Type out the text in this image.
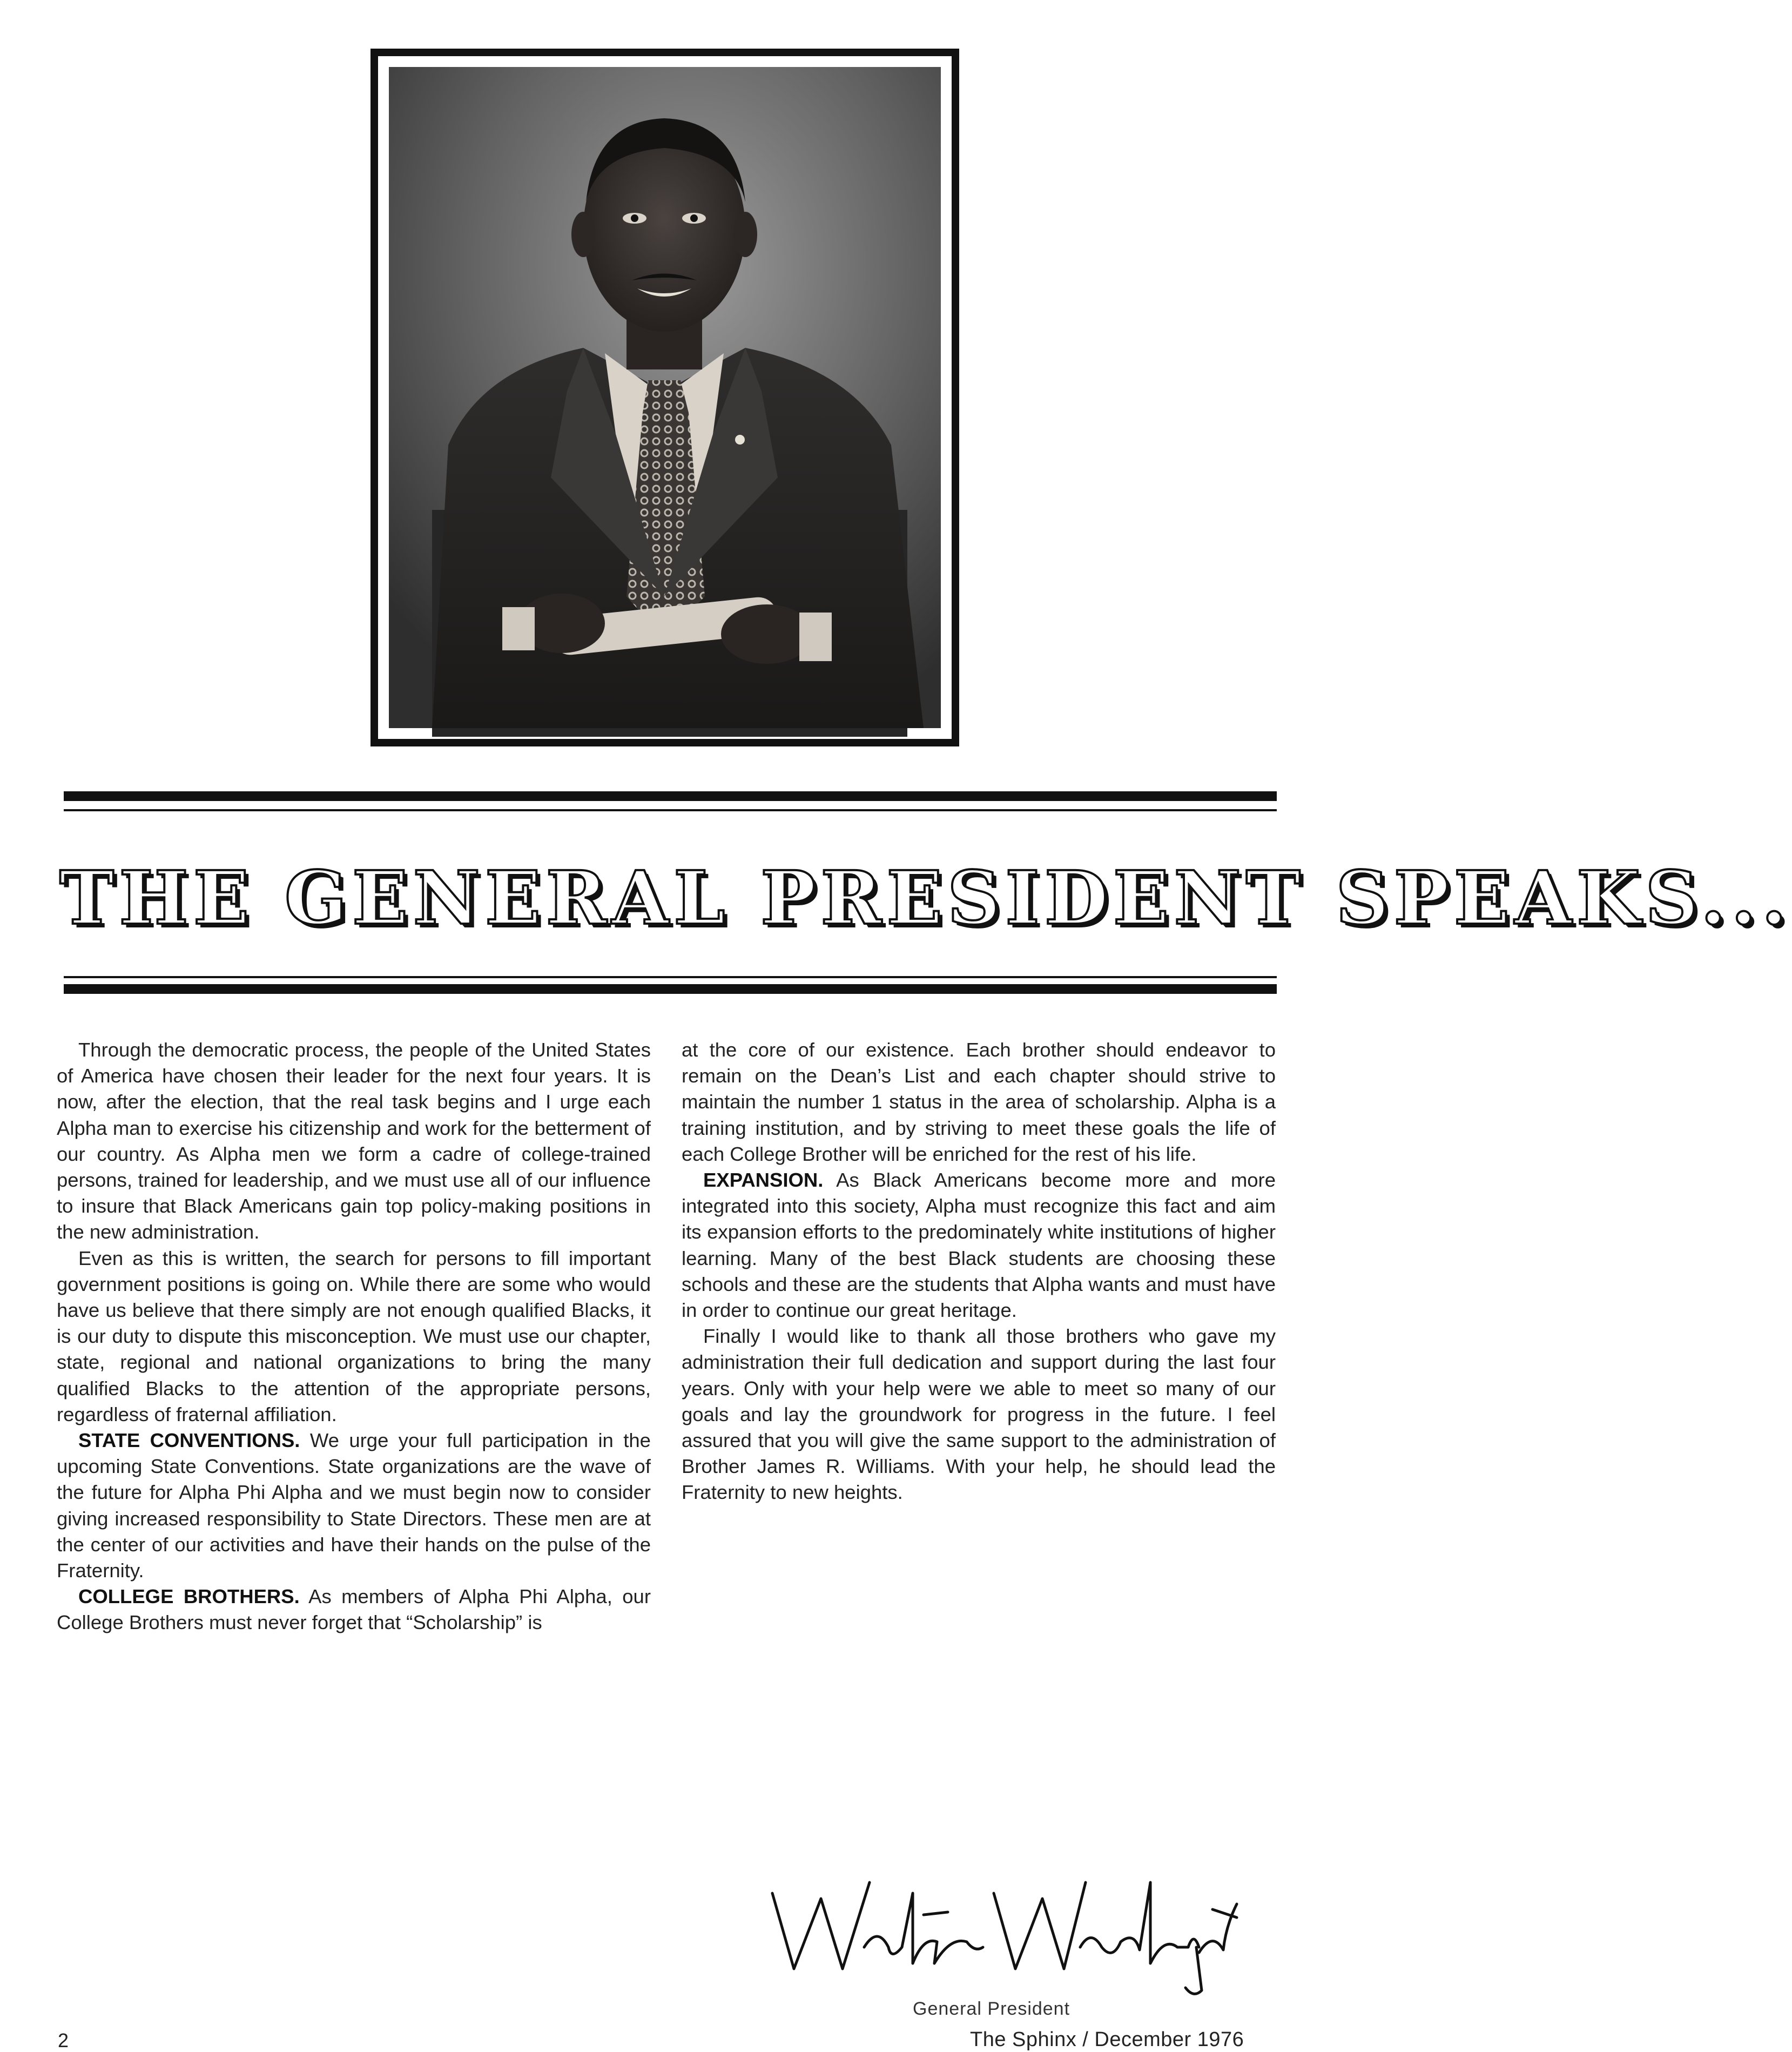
THE GENERAL PRESIDENT SPEAKS...

Through the democratic process, the people of the United States of America have chosen their leader for the next four years. It is now, after the election, that the real task begins and I urge each Alpha man to exercise his citizenship and work for the betterment of our country. As Alpha men we form a cadre of college-trained persons, trained for leadership, and we must use all of our influence to insure that Black Americans gain top policy-making positions in the new administration.

Even as this is written, the search for persons to fill important government positions is going on. While there are some who would have us believe that there simply are not enough qualified Blacks, it is our duty to dispute this misconception. We must use our chapter, state, regional and national organizations to bring the many qualified Blacks to the attention of the appropriate persons, regardless of fraternal affiliation.

STATE CONVENTIONS. We urge your full participation in the upcoming State Conventions. State organizations are the wave of the future for Alpha Phi Alpha and we must begin now to consider giving increased responsibility to State Directors. These men are at the center of our activities and have their hands on the pulse of the Fraternity.

COLLEGE BROTHERS. As members of Alpha Phi Alpha, our College Brothers must never forget that “Scholarship” is

at the core of our existence. Each brother should endeavor to remain on the Dean’s List and each chapter should strive to maintain the number 1 status in the area of scholarship. Alpha is a training institution, and by striving to meet these goals the life of each College Brother will be enriched for the rest of his life.

EXPANSION. As Black Americans become more and more integrated into this society, Alpha must recognize this fact and aim its expansion efforts to the predominately white institutions of higher learning. Many of the best Black students are choosing these schools and these are the students that Alpha wants and must have in order to continue our great heritage.

Finally I would like to thank all those brothers who gave my administration their full dedication and support during the last four years. Only with your help were we able to meet so many of our goals and lay the groundwork for progress in the future. I feel assured that you will give the same support to the administration of Brother James R. Williams. With your help, he should lead the Fraternity to new heights.

General President
2	The Sphinx / December 1976
